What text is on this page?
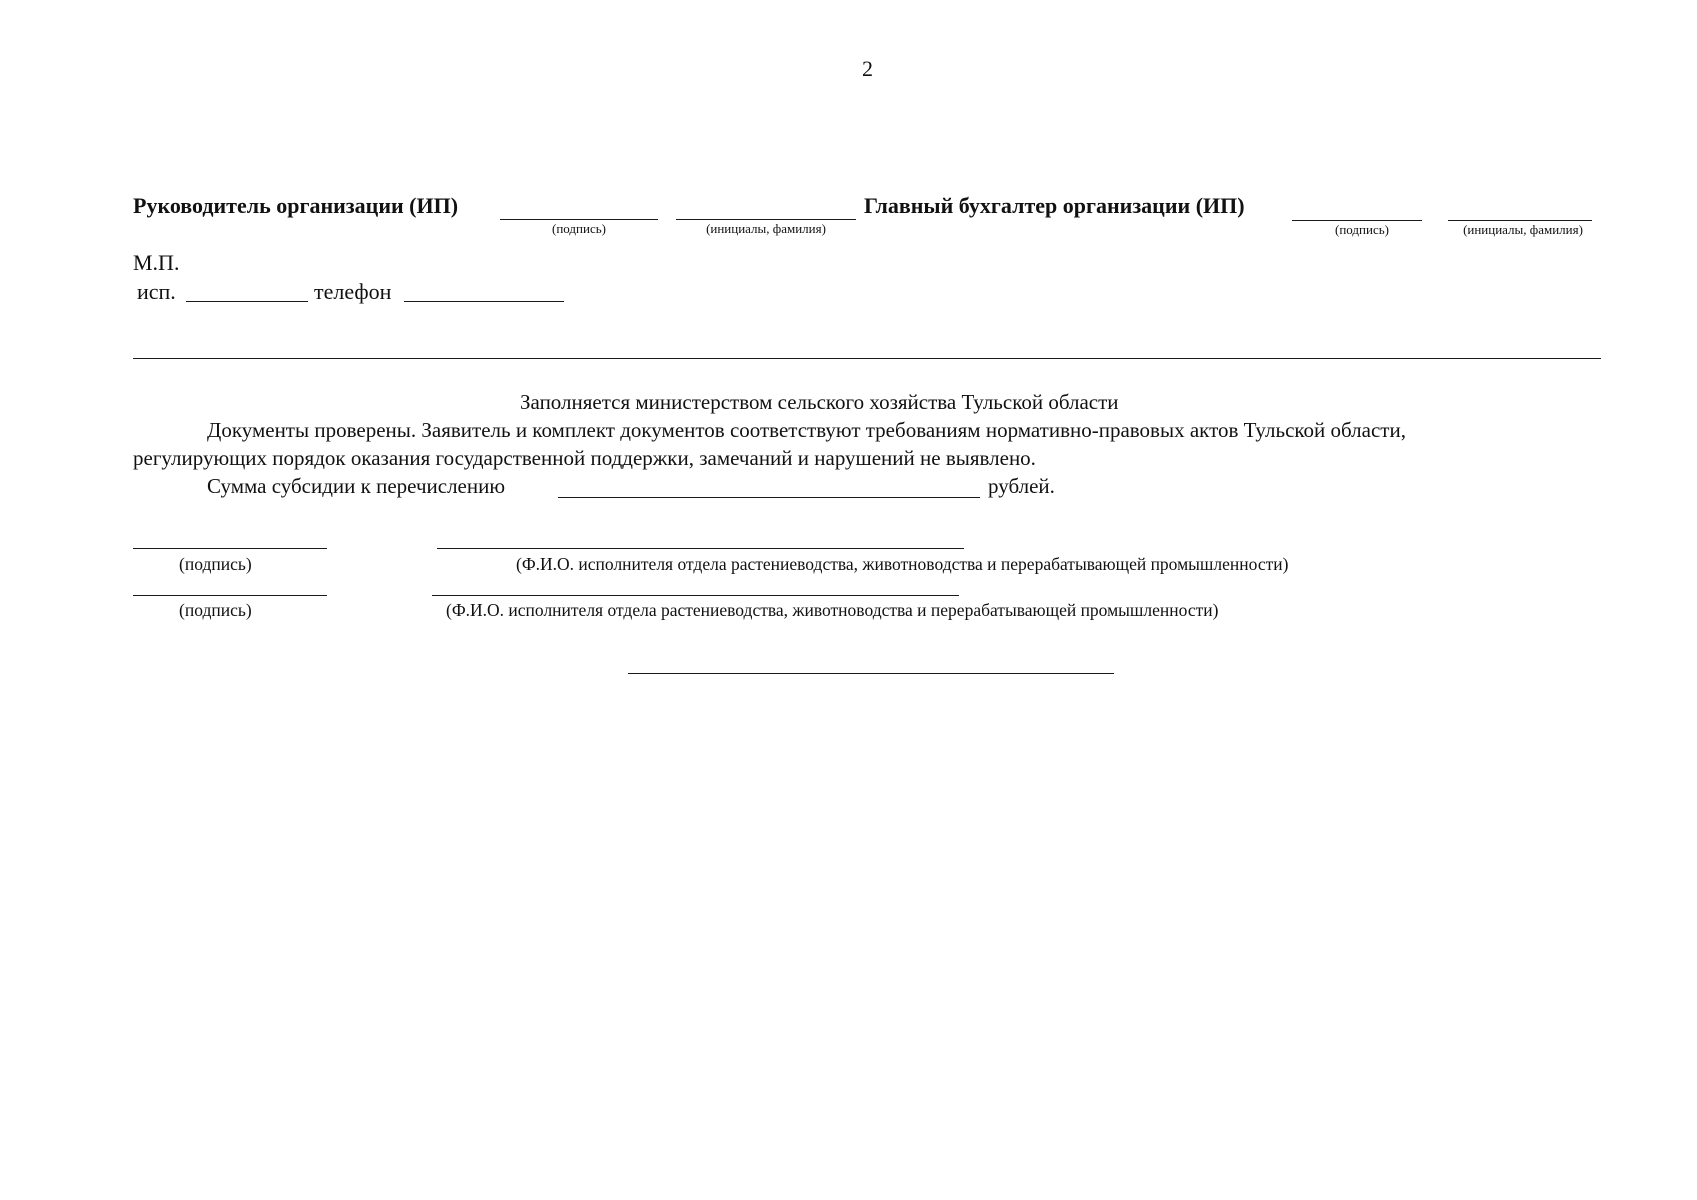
2
Руководитель организации (ИП)
(подпись)	(инициалы, фамилия)
Главный бухгалтер организации (ИП)
(подпись)	(инициалы, фамилия)
М.П.
исп.	телефон
Заполняется министерством сельского хозяйства Тульской области
Документы проверены. Заявитель и комплект документов соответствуют требованиям нормативно-правовых актов Тульской области,
регулирующих порядок оказания государственной поддержки, замечаний и нарушений не выявлено.
Сумма субсидии к перечислению	рублей.
(подпись)	(Ф.И.О. исполнителя отдела растениеводства, животноводства и перерабатывающей промышленности)
(подпись)	(Ф.И.О. исполнителя отдела растениеводства, животноводства и перерабатывающей промышленности)
